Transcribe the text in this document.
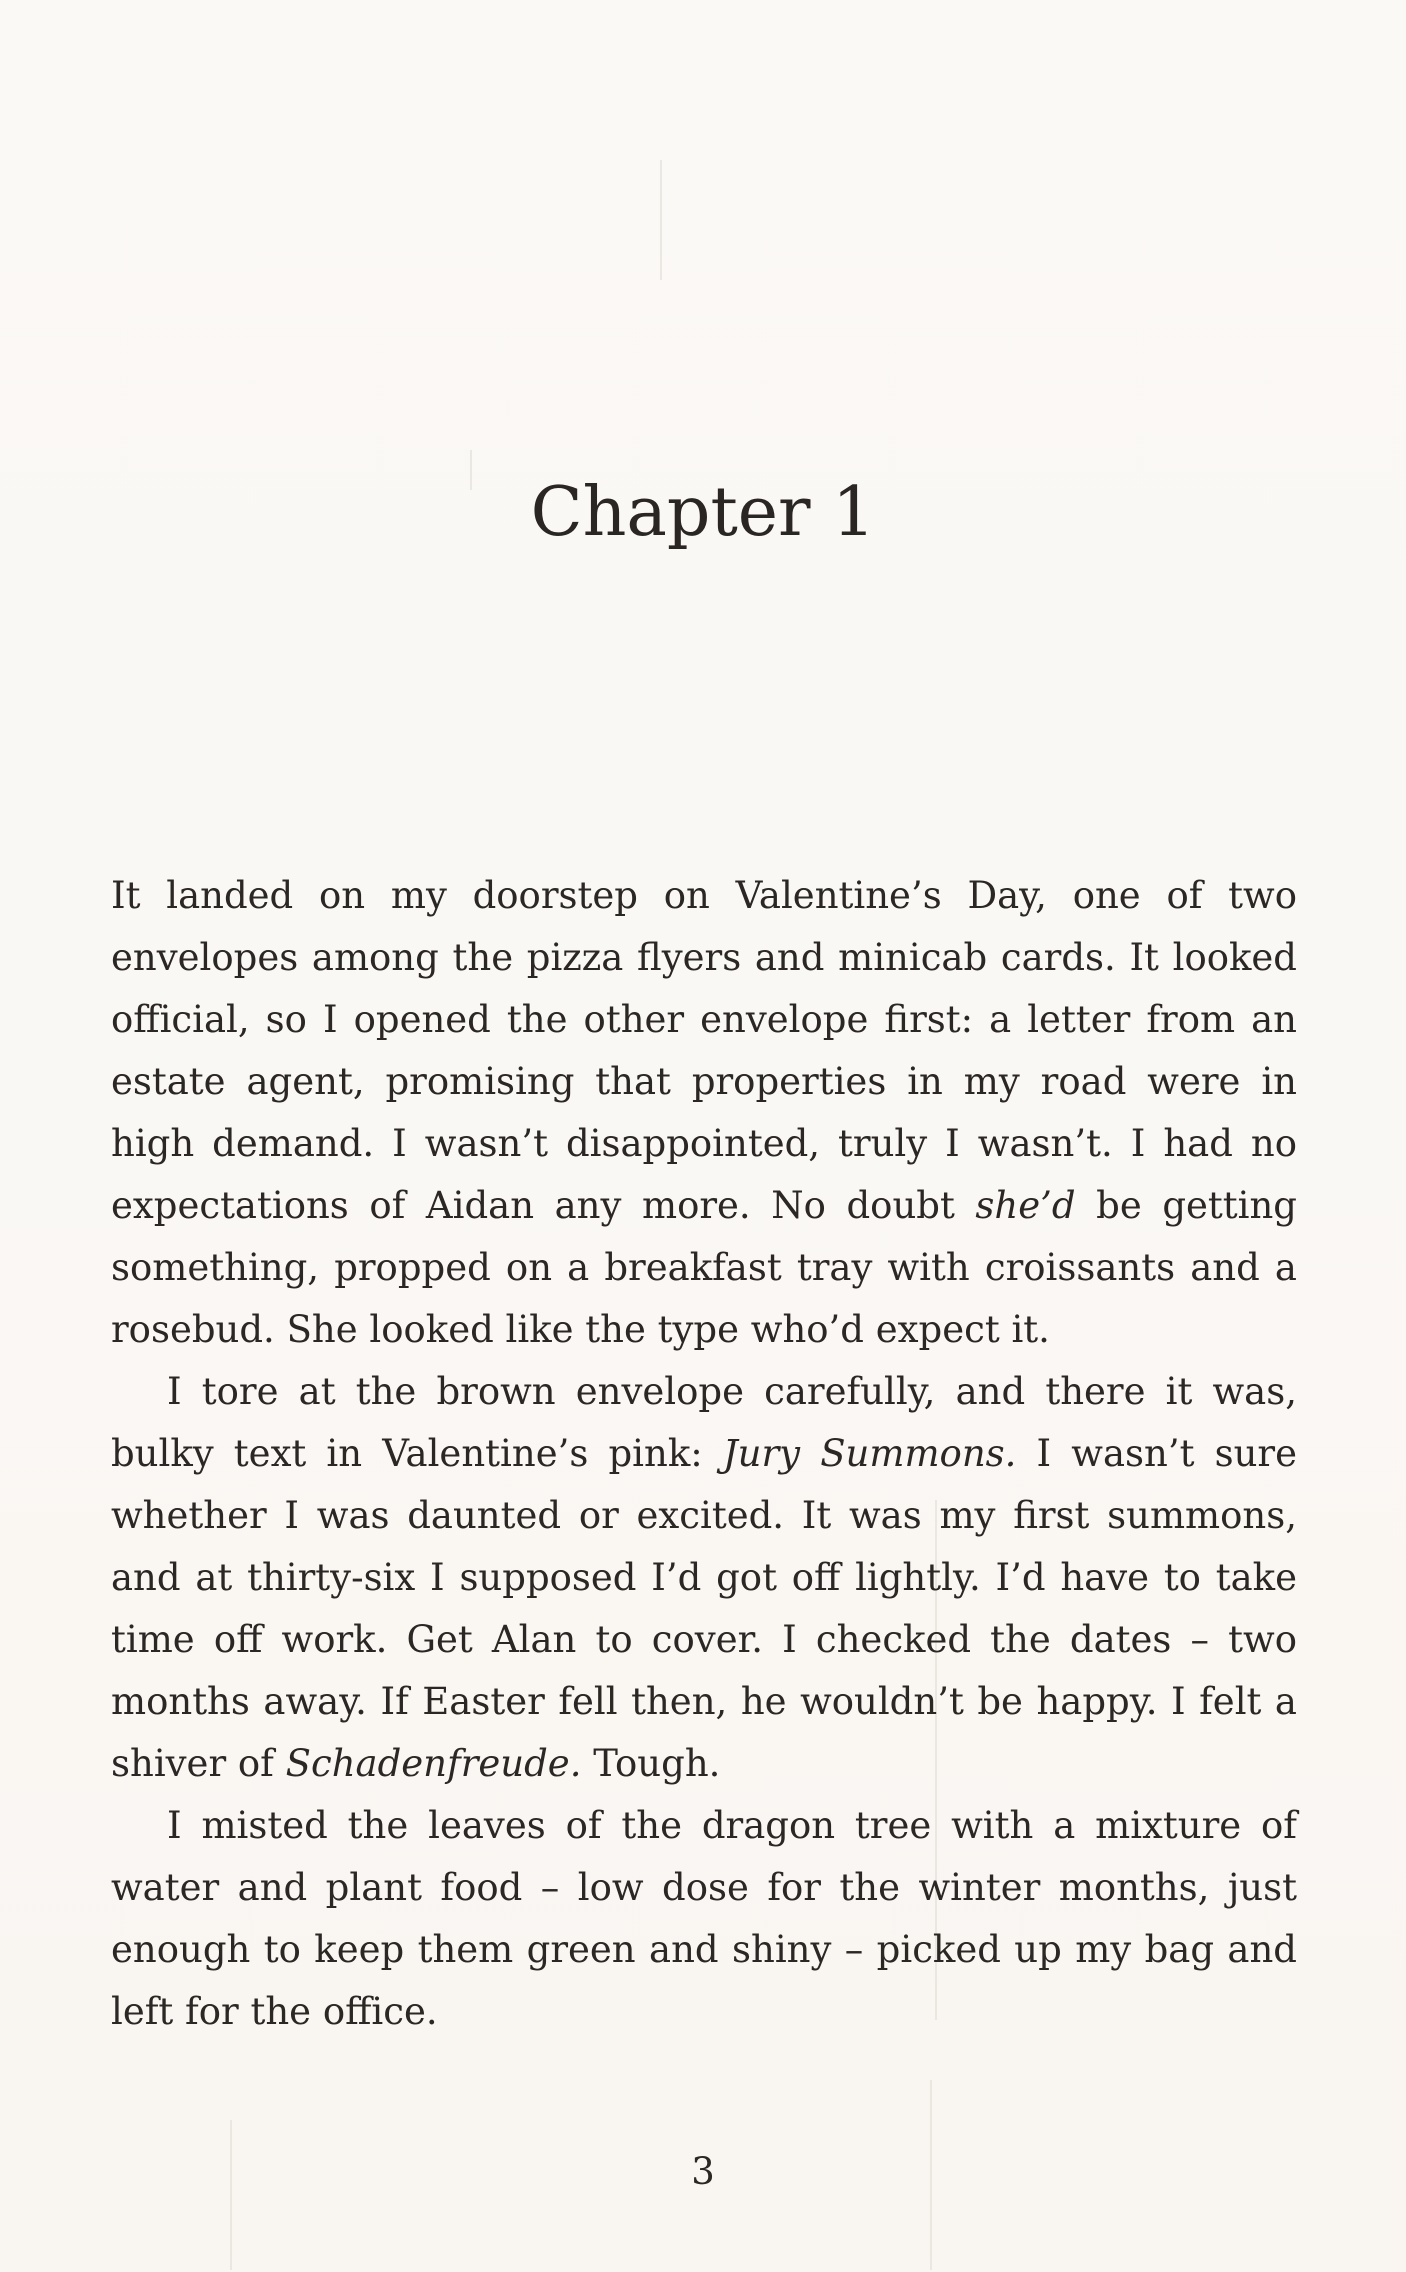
Chapter 1

It landed on my doorstep on Valentine’s Day, one of two envelopes among the pizza flyers and minicab cards. It looked official, so I opened the other envelope first: a letter from an estate agent, promising that properties in my road were in high demand. I wasn’t disappointed, truly I wasn’t. I had no expectations of Aidan any more. No doubt she’d be getting something, propped on a breakfast tray with croissants and a rosebud. She looked like the type who’d expect it.

I tore at the brown envelope carefully, and there it was, bulky text in Valentine’s pink: Jury Summons. I wasn’t sure whether I was daunted or excited. It was my first summons, and at thirty-six I supposed I’d got off lightly. I’d have to take time off work. Get Alan to cover. I checked the dates – two months away. If Easter fell then, he wouldn’t be happy. I felt a shiver of Schadenfreude. Tough.

I misted the leaves of the dragon tree with a mixture of water and plant food – low dose for the winter months, just enough to keep them green and shiny – picked up my bag and left for the office.

3
